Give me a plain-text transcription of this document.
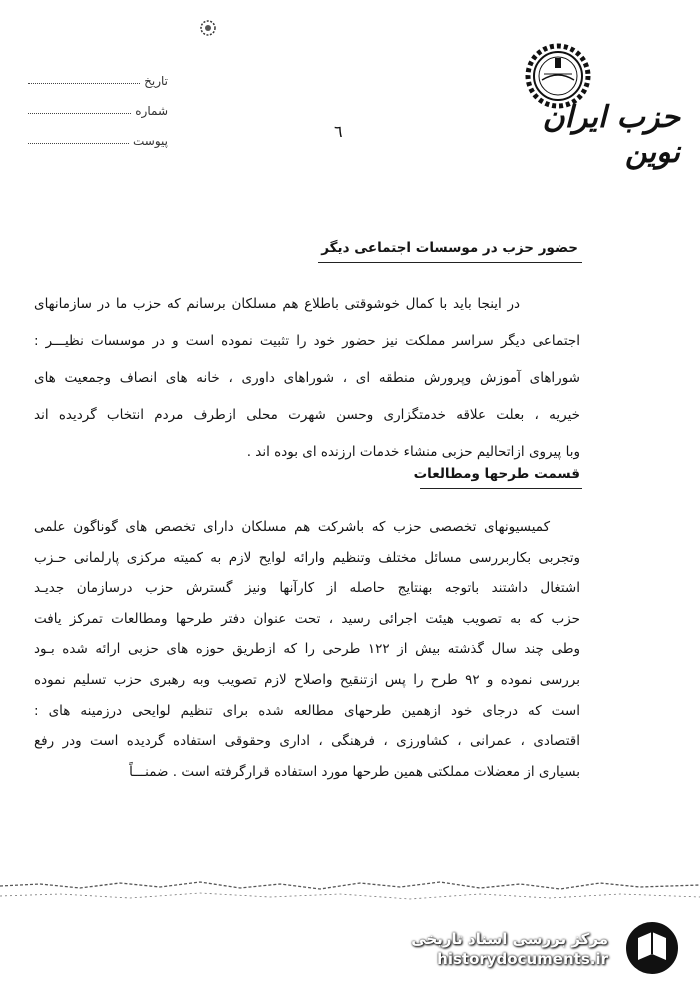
تاریخ
شماره
پیوست	٦	حزب ایران نوین
حضور حزب در موسسات اجتماعی دیگر
در اینجا باید با کمال خوشوقتی باطلاع هم مسلکان برسانم که حزب ما در سازمانهای
اجتماعی دیگر سراسر مملکت نیز حضور خود را تثبیت نموده است و در موسسات نظیـــر :
شوراهای آموزش وپرورش منطقه ای ، شوراهای داوری ، خانه های انصاف وجمعیت های
خیریه ، بعلت علاقه خدمتگزاری وحسن شهرت محلی ازطرف مردم انتخاب گردیده اند
وبا پیروی ازاتحالیم حزبی منشاء خدمات ارزنده ای بوده اند .
قسمت طرحها ومطالعات
کمیسیونهای تخصصی حزب که باشرکت هم مسلکان دارای تخصص های گوناگون علمی
وتجربی بکاربررسی مسائل مختلف وتنظیم وارائه لوایح لازم به کمیته مرکزی پارلمانی حـزب
اشتغال داشتند باتوجه بهنتایج حاصله از کارآنها ونیز گسترش حزب درسازمان جدیـد
حزب که به تصویب هیئت اجرائی رسید ، تحت عنوان دفتر طرحها ومطالعات تمرکز یافت
وطی چند سال گذشته بیش از ۱۲۲ طرحی را که ازطریق حوزه های حزبی ارائه شده بـود
بررسی نموده و ۹۲ طرح را پس ازتنقیح واصلاح لازم تصویب وبه رهبری حزب تسلیم نموده
است که درجای خود ازهمین طرحهای مطالعه شده برای تنظیم لوایحی درزمینه های :
اقتصادی ، عمرانی ، کشاورزی ، فرهنگی ، اداری وحقوقی استفاده گردیده است ودر رفع
بسیاری از معضلات مملکتی همین طرحها مورد استفاده قرارگرفته است . ضمنـــاً
مرکز بررسی اسناد تاریخی
historydocuments.ir
